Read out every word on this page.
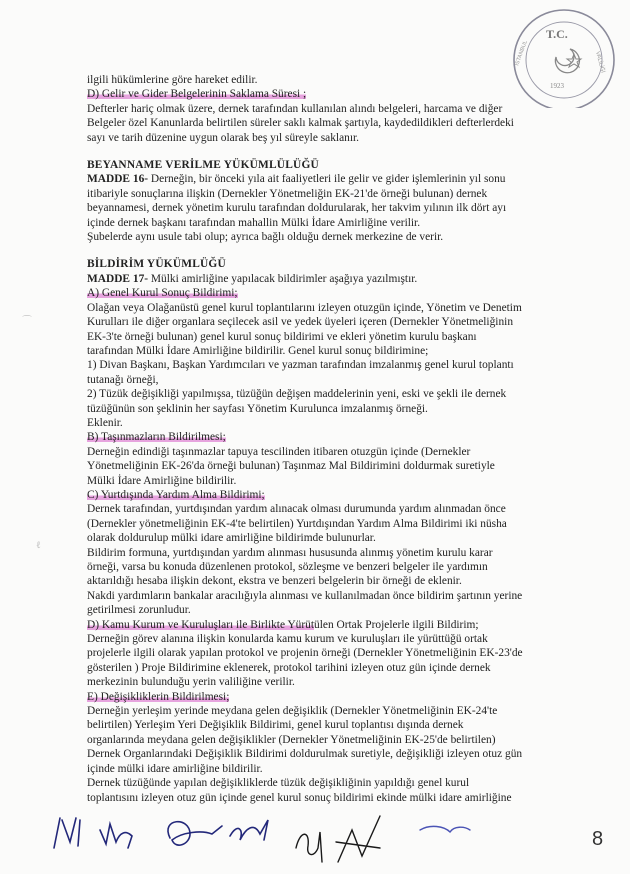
T.C.
1923
İSTANBUL	VALİLİĞİ
⌒
ℓ
ilgili hükümlerine göre hareket edilir.
D) Gelir ve Gider Belgelerinin Saklama Süresi ;
Defterler hariç olmak üzere, dernek tarafından kullanılan alındı belgeleri, harcama ve diğer
Belgeler özel Kanunlarda belirtilen süreler saklı kalmak şartıyla, kaydedildikleri defterlerdeki
sayı ve tarih düzenine uygun olarak beş yıl süreyle saklanır.
BEYANNAME VERİLME YÜKÜMLÜLÜĞÜ
MADDE 16- Derneğin, bir önceki yıla ait faaliyetleri ile gelir ve gider işlemlerinin yıl sonu
itibariyle sonuçlarına ilişkin (Dernekler Yönetmeliğin EK-21'de örneği bulunan) dernek
beyannamesi, dernek yönetim kurulu tarafından doldurularak, her takvim yılının ilk dört ayı
içinde dernek başkanı tarafından mahallin Mülki İdare Amirliğine verilir.
Şubelerde aynı usule tabi olup; ayrıca bağlı olduğu dernek merkezine de verir.
BİLDİRİM YÜKÜMLÜĞÜ
MADDE 17- Mülki amirliğine yapılacak bildirimler aşağıya yazılmıştır.
A) Genel Kurul Sonuç Bildirimi;
Olağan veya Olağanüstü genel kurul toplantılarını izleyen otuzgün içinde, Yönetim ve Denetim
Kurulları ile diğer organlara seçilecek asil ve yedek üyeleri içeren (Dernekler Yönetmeliğinin
EK-3'te örneği bulunan) genel kurul sonuç bildirimi ve ekleri yönetim kurulu başkanı
tarafından Mülki İdare Amirliğine bildirilir. Genel kurul sonuç bildirimine;
1) Divan Başkanı, Başkan Yardımcıları ve yazman tarafından imzalanmış genel kurul toplantı
tutanağı örneği,
2) Tüzük değişikliği yapılmışsa, tüzüğün değişen maddelerinin yeni, eski ve şekli ile dernek
tüzüğünün son şeklinin her sayfası Yönetim Kurulunca imzalanmış örneği.
Eklenir.
B) Taşınmazların Bildirilmesi;
Derneğin edindiği taşınmazlar tapuya tescilinden itibaren otuzgün içinde (Dernekler
Yönetmeliğinin EK-26'da örneği bulunan) Taşınmaz Mal Bildirimini doldurmak suretiyle
Mülki İdare Amirliğine bildirilir.
C) Yurtdışında Yardım Alma Bildirimi;
Dernek tarafından, yurtdışından yardım alınacak olması durumunda yardım alınmadan önce
(Dernekler yönetmeliğinin EK-4'te belirtilen) Yurtdışından Yardım Alma Bildirimi iki nüsha
olarak doldurulup mülki idare amirliğine bildirimde bulunurlar.
Bildirim formuna, yurtdışından yardım alınması hususunda alınmış yönetim kurulu karar
örneği, varsa bu konuda düzenlenen protokol, sözleşme ve benzeri belgeler ile yardımın
aktarıldığı hesaba ilişkin dekont, ekstra ve benzeri belgelerin bir örneği de eklenir.
Nakdi yardımların bankalar aracılığıyla alınması ve kullanılmadan önce bildirim şartının yerine
getirilmesi zorunludur.
D) Kamu Kurum ve Kuruluşları ile Birlikte Yürütülen Ortak Projelerle ilgili Bildirim;
Derneğin görev alanına ilişkin konularda kamu kurum ve kuruluşları ile yürüttüğü ortak
projelerle ilgili olarak yapılan protokol ve projenin örneği (Dernekler Yönetmeliğinin EK-23'de
gösterilen ) Proje Bildirimine eklenerek, protokol tarihini izleyen otuz gün içinde dernek
merkezinin bulunduğu yerin valiliğine verilir.
E) Değişikliklerin Bildirilmesi;
Derneğin yerleşim yerinde meydana gelen değişiklik (Dernekler Yönetmeliğinin EK-24'te
belirtilen) Yerleşim Yeri Değişiklik Bildirimi, genel kurul toplantısı dışında dernek
organlarında meydana gelen değişiklikler (Dernekler Yönetmeliğinin EK-25'de belirtilen)
Dernek Organlarındaki Değişiklik Bildirimi doldurulmak suretiyle, değişikliği izleyen otuz gün
içinde mülki idare amirliğine bildirilir.
Dernek tüzüğünde yapılan değişikliklerde tüzük değişikliğinin yapıldığı genel kurul
toplantısını izleyen otuz gün içinde genel kurul sonuç bildirimi ekinde mülki idare amirliğine
8
